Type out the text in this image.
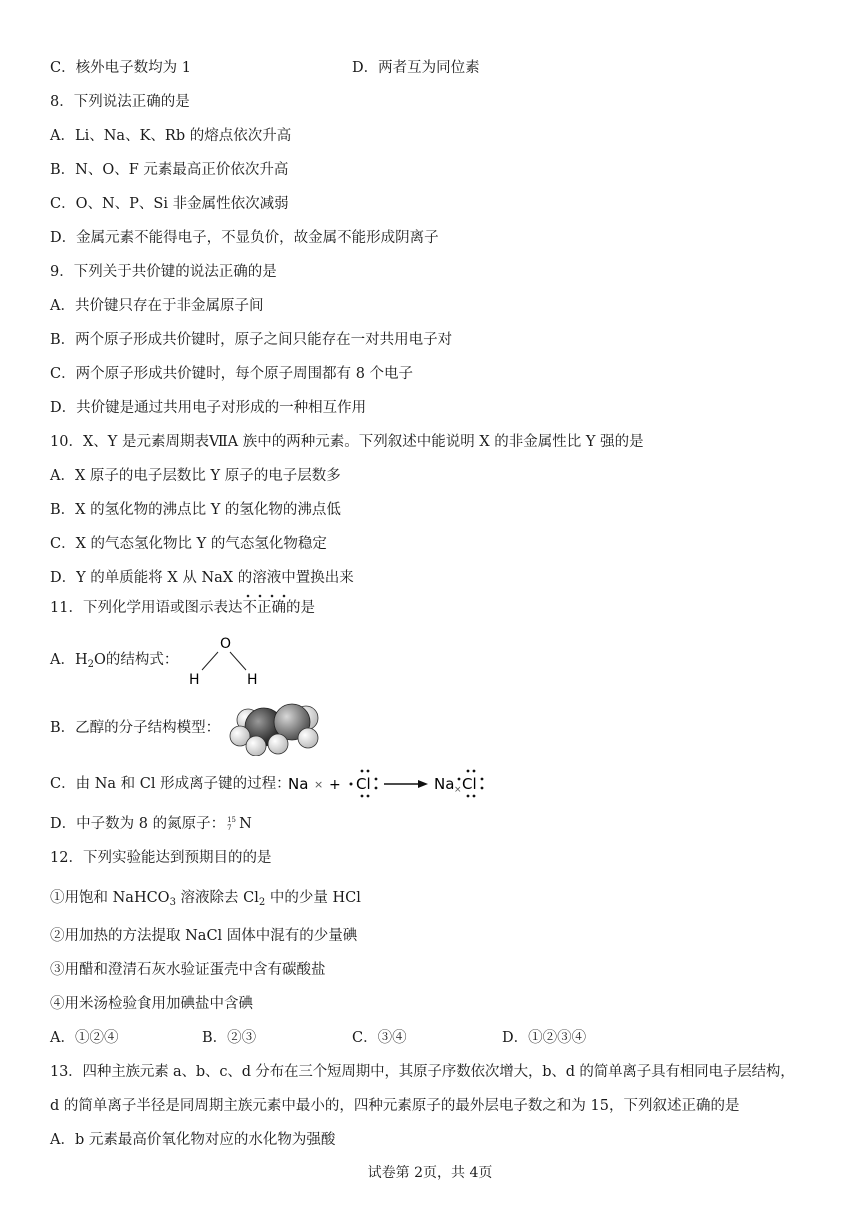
C．核外电子数均为 1	D．两者互为同位素
8．下列说法正确的是
A．Li、Na、K、Rb 的熔点依次升高
B．N、O、F 元素最高正价依次升高
C．O、N、P、Si 非金属性依次减弱
D．金属元素不能得电子，不显负价，故金属不能形成阴离子
9．下列关于共价键的说法正确的是
A．共价键只存在于非金属原子间
B．两个原子形成共价键时，原子之间只能存在一对共用电子对
C．两个原子形成共价键时，每个原子周围都有 8 个电子
D．共价键是通过共用电子对形成的一种相互作用
10．X、Y 是元素周期表ⅦA 族中的两种元素。下列叙述中能说明 X 的非金属性比 Y 强的是
A．X 原子的电子层数比 Y 原子的电子层数多
B．X 的氢化物的沸点比 Y 的氢化物的沸点低
C．X 的气态氢化物比 Y 的气态氢化物稳定
D．Y 的单质能将 X 从 NaX 的溶液中置换出来
11．下列化学用语或图示表达不正确的是
A．$H_2O$的结构式：
O
H	H
B．乙醇的分子结构模型：
C．由 Na 和 Cl 形成离子键的过程：
Na × + Cl	Na × Cl
D．中子数为 8 的氮原子： 15
7 N
12．下列实验能达到预期目的的是
①用饱和 NaHCO$_3$ 溶液除去 $Cl_2$ 中的少量 HCl
②用加热的方法提取 NaCl 固体中混有的少量碘
③用醋和澄清石灰水验证蛋壳中含有碳酸盐
④用米汤检验食用加碘盐中含碘
A．①②④	B．②③	C．③④	D．①②③④
13．四种主族元素 a、b、c、d 分布在三个短周期中，其原子序数依次增大，b、d 的简单离子具有相同电子层结构，
d 的简单离子半径是同周期主族元素中最小的，四种元素原子的最外层电子数之和为 15，下列叙述正确的是
A．b 元素最高价氧化物对应的水化物为强酸
试卷第 2页，共 4页
